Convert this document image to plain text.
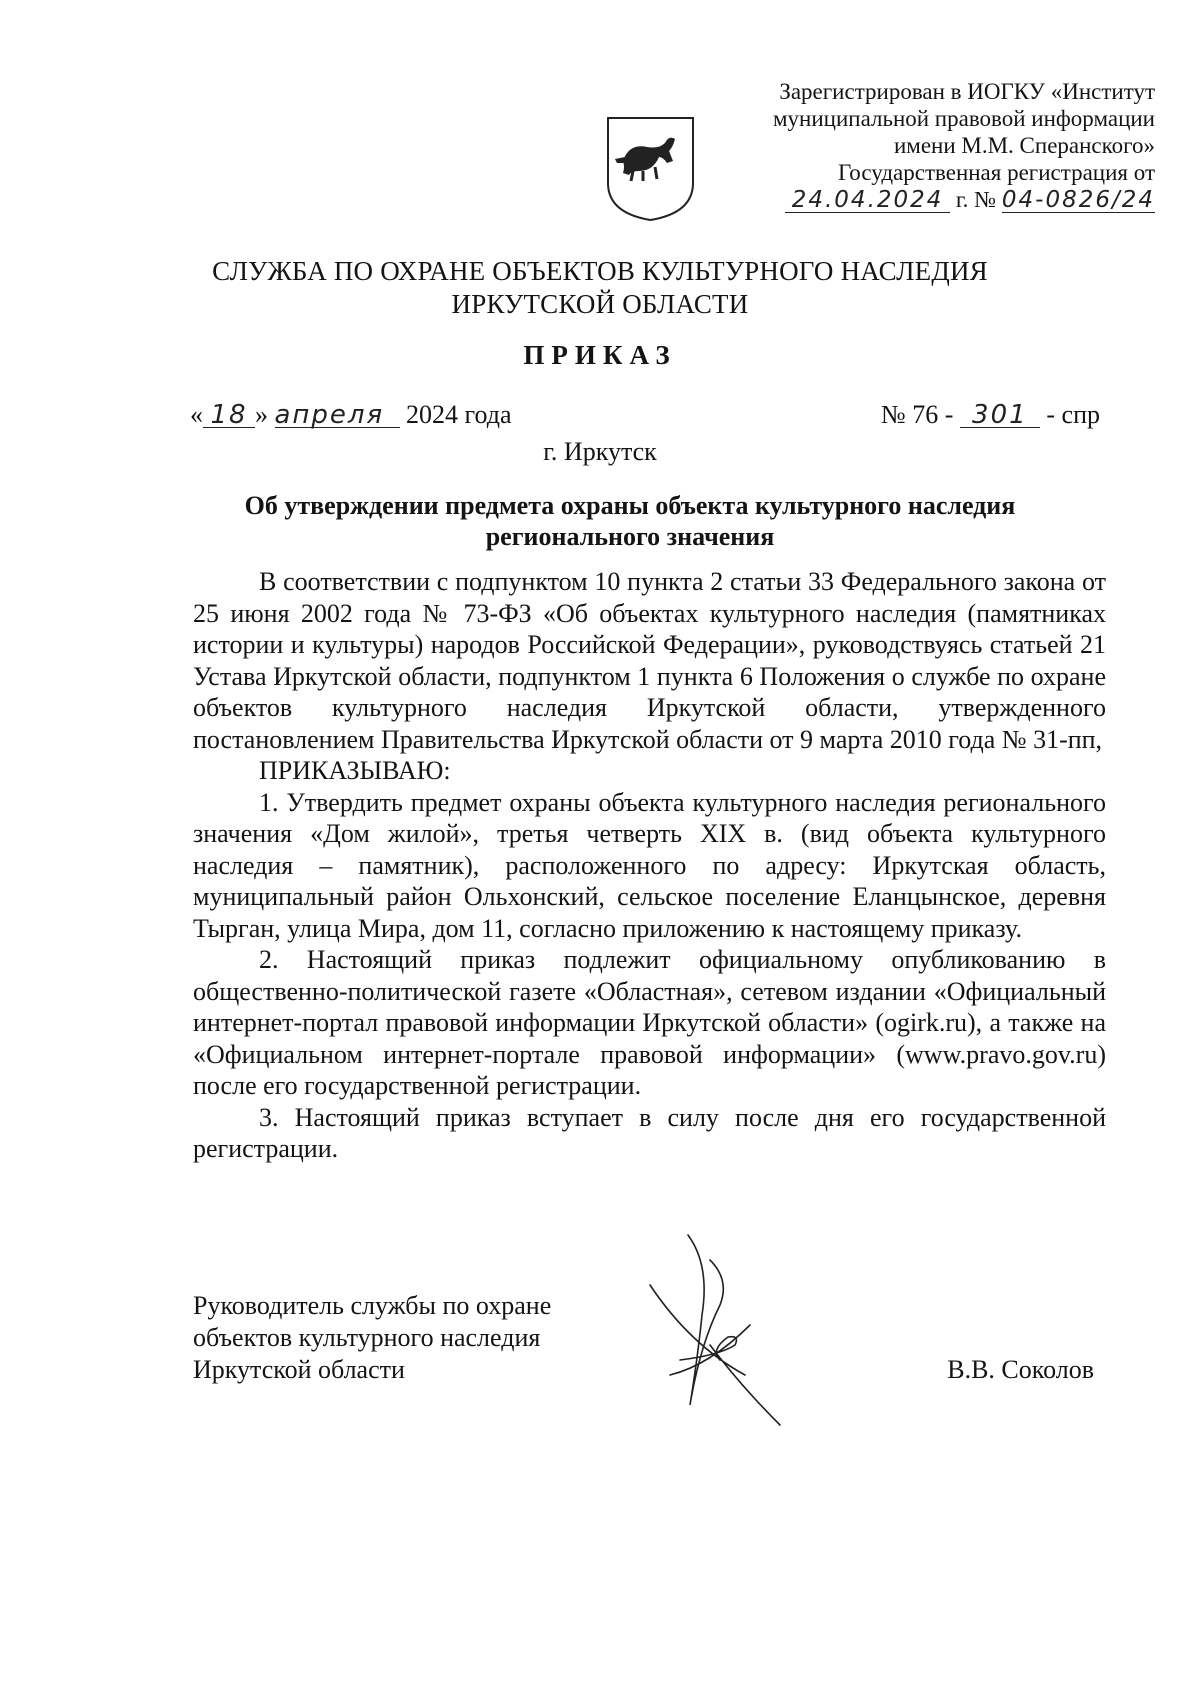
Зарегистрирован в ИОГКУ «Институт
муниципальной правовой информации
имени М.М. Сперанского»
Государственная регистрация от
24.04.2024 г. № 04-0826/24
СЛУЖБА ПО ОХРАНЕ ОБЪЕКТОВ КУЛЬТУРНОГО НАСЛЕДИЯ
ИРКУТСКОЙ ОБЛАСТИ
ПРИКАЗ
« 18 » апреля 2024 года	№ 76 - 301 - спр
г. Иркутск
Об утверждении предмета охраны объекта культурного наследия
регионального значения

В соответствии с подпунктом 10 пункта 2 статьи 33 Федерального закона от 25 июня 2002 года № 73-ФЗ «Об объектах культурного наследия (памятниках истории и культуры) народов Российской Федерации», руководствуясь статьей 21 Устава Иркутской области, подпунктом 1 пункта 6 Положения о службе по охране объектов культурного наследия Иркутской области, утвержденного постановлением Правительства Иркутской области от 9 марта 2010 года № 31-пп,

ПРИКАЗЫВАЮ:

1. Утвердить предмет охраны объекта культурного наследия регионального значения «Дом жилой», третья четверть XIX в. (вид объекта культурного наследия – памятник), расположенного по адресу: Иркутская область, муниципальный район Ольхонский, сельское поселение Еланцынское, деревня Тырган, улица Мира, дом 11, согласно приложению к настоящему приказу.

2. Настоящий приказ подлежит официальному опубликованию в общественно-политической газете «Областная», сетевом издании «Официальный интернет-портал правовой информации Иркутской области» (ogirk.ru), а также на «Официальном интернет-портале правовой информации» (www.pravo.gov.ru) после его государственной регистрации.

3. Настоящий приказ вступает в силу после дня его государственной регистрации.

Руководитель службы по охране
объектов культурного наследия
Иркутской области	В.В. Соколов
